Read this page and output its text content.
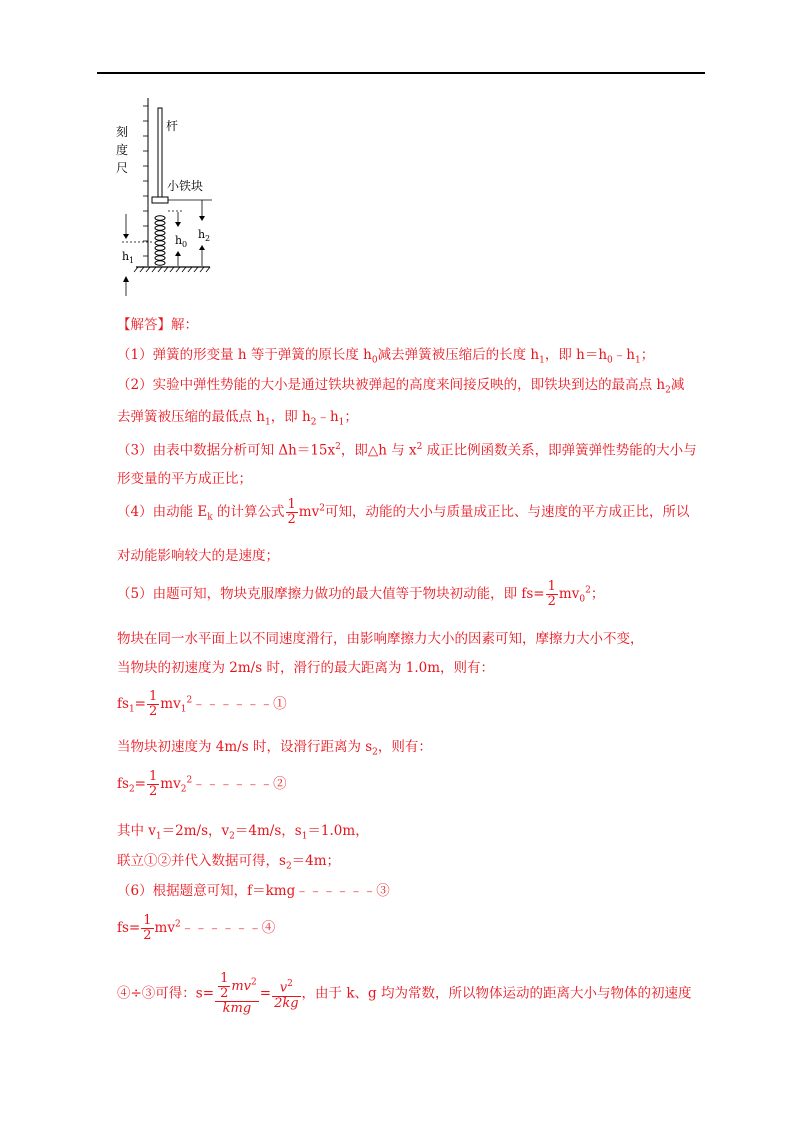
刻
度
尺
杆
小铁块
h 0
h 2
h 1
【解答】解：
（1）弹簧的形变量 h 等于弹簧的原长度 $h_0$减去弹簧被压缩后的长度 $h_1$，即 $h=h_0﹣h_1$；
（2）实验中弹性势能的大小是通过铁块被弹起的高度来间接反映的，即铁块到达的最高点 $h_2$减
去弹簧被压缩的最低点 $h_1$，即 $h_2﹣h_1$；
（3）由表中数据分析可知 $\Delta h=15x^2$，即△h 与 $x^2$ 成正比例函数关系，即弹簧弹性势能的大小与
形变量的平方成正比；
（4）由动能 $E_k$ 的计算公式 $\frac{1}{2} mv^2$可知，动能的大小与质量成正比、与速度的平方成正比，所以
对动能影响较大的是速度；
（5）由题可知，物块克服摩擦力做功的最大值等于物块初动能，即 $fs= \frac{1}{2} mv_0^2$；
物块在同一水平面上以不同速度滑行，由影响摩擦力大小的因素可知，摩擦力大小不变，
当物块的初速度为 2m/s 时，滑行的最大距离为 1.0m，则有：
$fs_1= \frac{1}{2}$ $mv_1^2﹣﹣﹣﹣﹣﹣①$
当物块初速度为 4m/s 时，设滑行距离为 $s_2$，则有：
$fs_2= \frac{1}{2}$ $mv_2^2﹣﹣﹣﹣﹣﹣②$
其中 $v_1=2m/s$，$v_2=4m/s$，$s_1=1.0m$，
联立①②并代入数据可得，$s_2=4m$；
（6）根据题意可知，f＝kmg﹣﹣﹣﹣﹣﹣③
$fs= \frac{1}{2}$ $mv^2﹣﹣﹣﹣﹣﹣④$
④÷③可得：$s= \frac{\frac{1}{2} mv^2}{\text{kmg}} = \frac{v^2}{2kg}$ ，由于 k、g 均为常数，所以物体运动的距离大小与物体的初速度
